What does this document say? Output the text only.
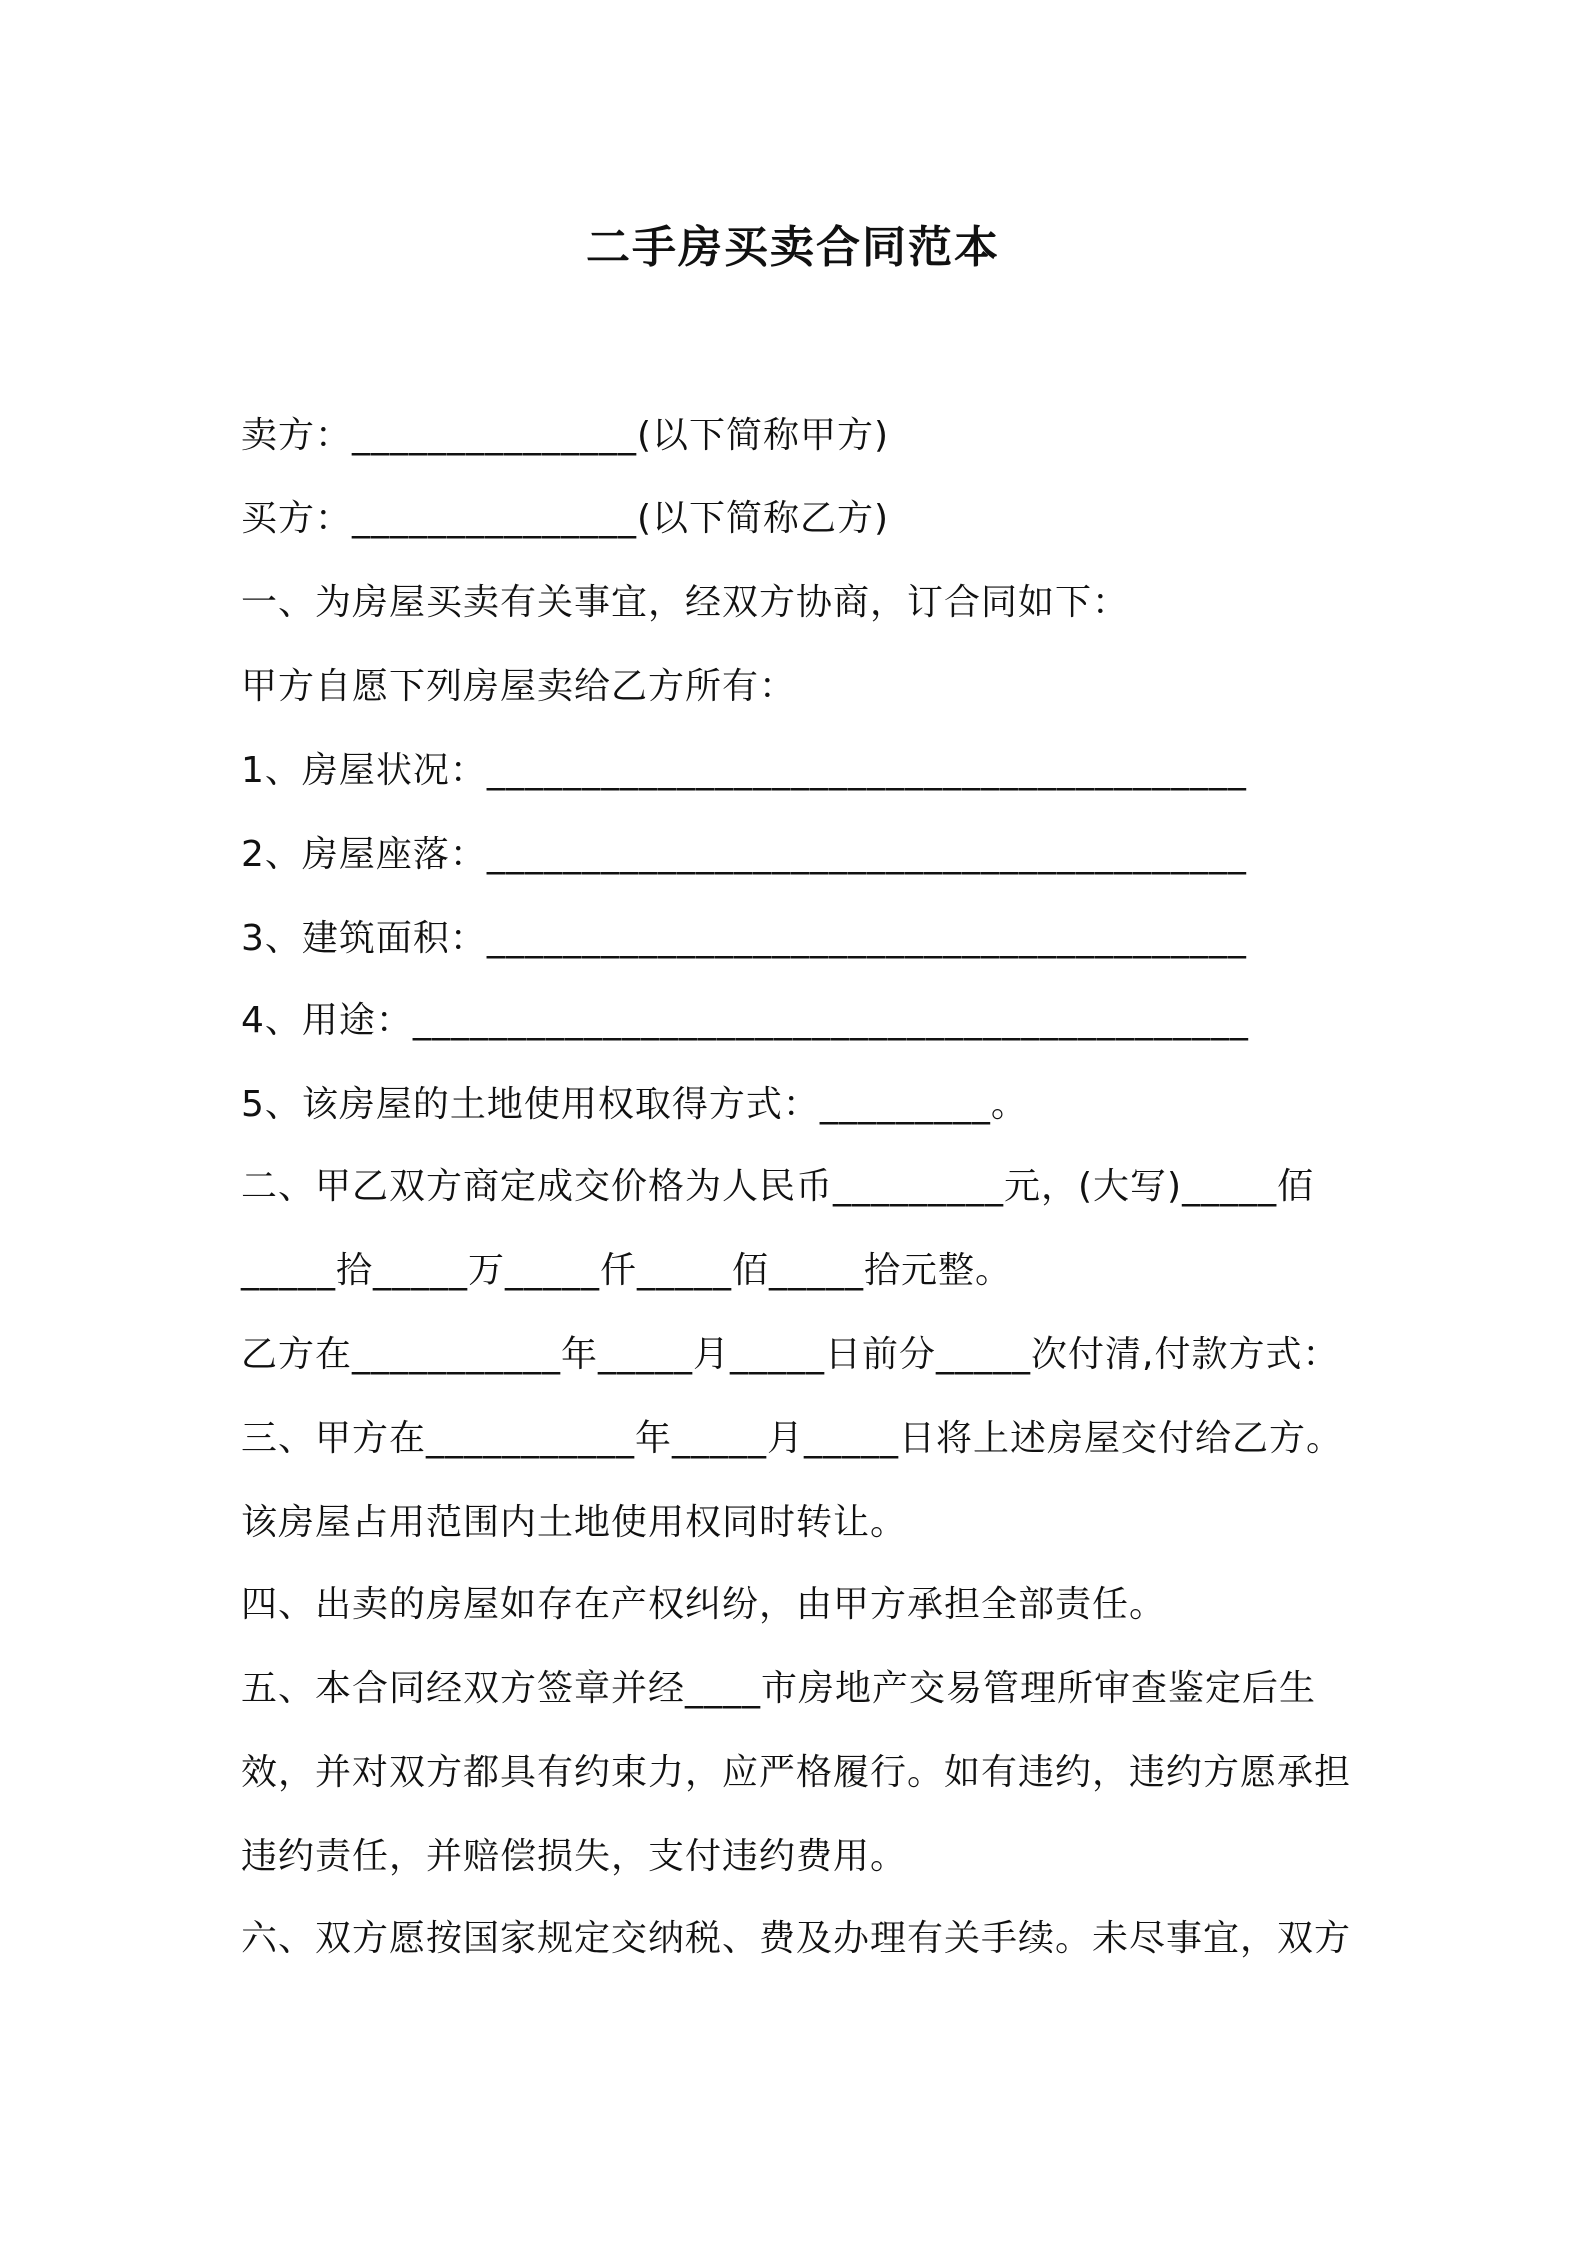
二手房买卖合同范本
卖方：_______________(以下简称甲方)
买方：_______________(以下简称乙方)
一、为房屋买卖有关事宜，经双方协商，订合同如下：
甲方自愿下列房屋卖给乙方所有：
1、房屋状况：________________________________________
2、房屋座落：________________________________________
3、建筑面积：________________________________________
4、用途：____________________________________________
5、该房屋的土地使用权取得方式：_________。
二、甲乙双方商定成交价格为人民币_________元，(大写)_____佰
_____拾_____万_____仟_____佰_____拾元整。
乙方在___________年_____月_____日前分_____次付清,付款方式：
三、甲方在___________年_____月_____日将上述房屋交付给乙方。
该房屋占用范围内土地使用权同时转让。
四、出卖的房屋如存在产权纠纷，由甲方承担全部责任。
五、本合同经双方签章并经____市房地产交易管理所审查鉴定后生
效，并对双方都具有约束力，应严格履行。如有违约，违约方愿承担
违约责任，并赔偿损失，支付违约费用。
六、双方愿按国家规定交纳税、费及办理有关手续。未尽事宜，双方
